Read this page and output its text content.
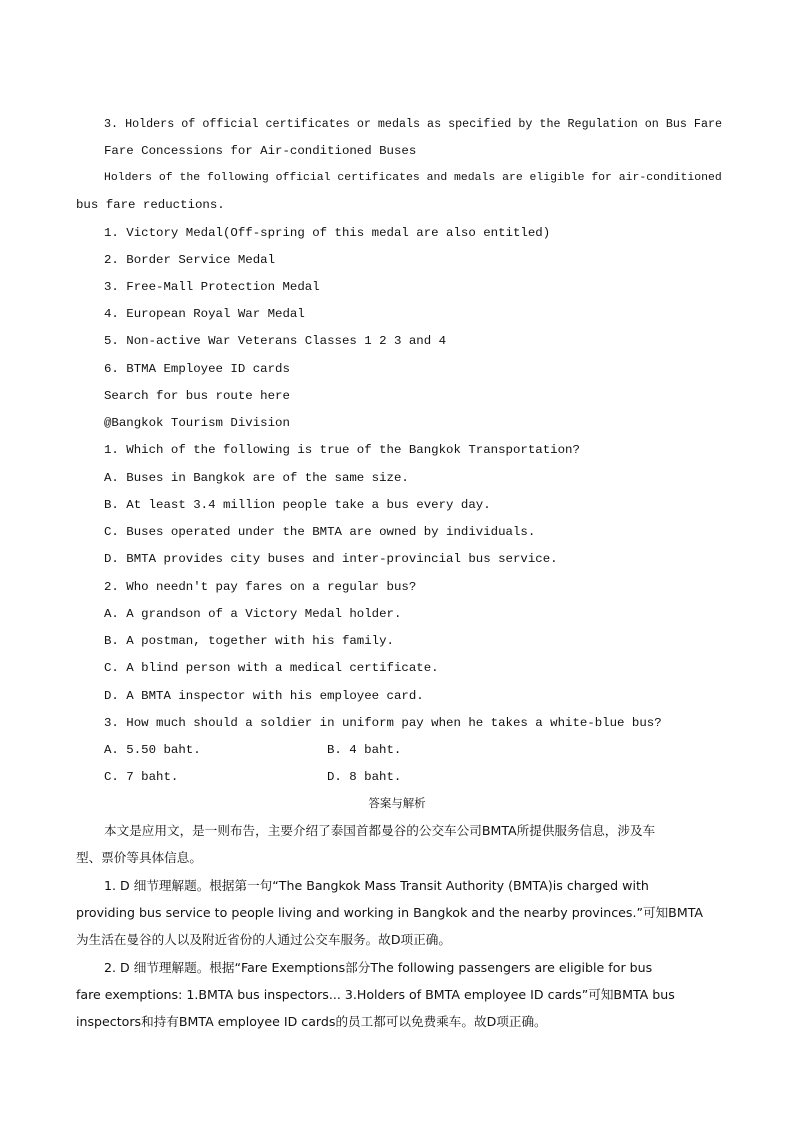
3. Holders of official certificates or medals as specified by the Regulation on Bus Fare
Fare Concessions for Air-conditioned Buses
Holders of the following official certificates and medals are eligible for air-conditioned
bus fare reductions.
1. Victory Medal(Off-spring of this medal are also entitled)
2. Border Service Medal
3. Free-Mall Protection Medal
4. European Royal War Medal
5. Non-active War Veterans Classes 1 2 3 and 4
6. BTMA Employee ID cards
Search for bus route here
@Bangkok Tourism Division
1. Which of the following is true of the Bangkok Transportation?
A. Buses in Bangkok are of the same size.
B. At least 3.4 million people take a bus every day.
C. Buses operated under the BMTA are owned by individuals.
D. BMTA provides city buses and inter-provincial bus service.
2. Who needn't pay fares on a regular bus?
A. A grandson of a Victory Medal holder.
B. A postman, together with his family.
C. A blind person with a medical certificate.
D. A BMTA inspector with his employee card.
3. How much should a soldier in uniform pay when he takes a white-blue bus?
A. 5.50 baht.	B. 4 baht.
C. 7 baht.	D. 8 baht.
答案与解析
本文是应用文，是一则布告，主要介绍了泰国首都曼谷的公交车公司BMTA所提供服务信息，涉及车
型、票价等具体信息。
1. D 细节理解题。根据第一句“The Bangkok Mass Transit Authority (BMTA)is charged with
providing bus service to people living and working in Bangkok and the nearby provinces.”可知BMTA
为生活在曼谷的人以及附近省份的人通过公交车服务。故D项正确。
2. D 细节理解题。根据“Fare Exemptions部分The following passengers are eligible for bus
fare exemptions: 1.BMTA bus inspectors... 3.Holders of BMTA employee ID cards”可知BMTA bus
inspectors和持有BMTA employee ID cards的员工都可以免费乘车。故D项正确。
